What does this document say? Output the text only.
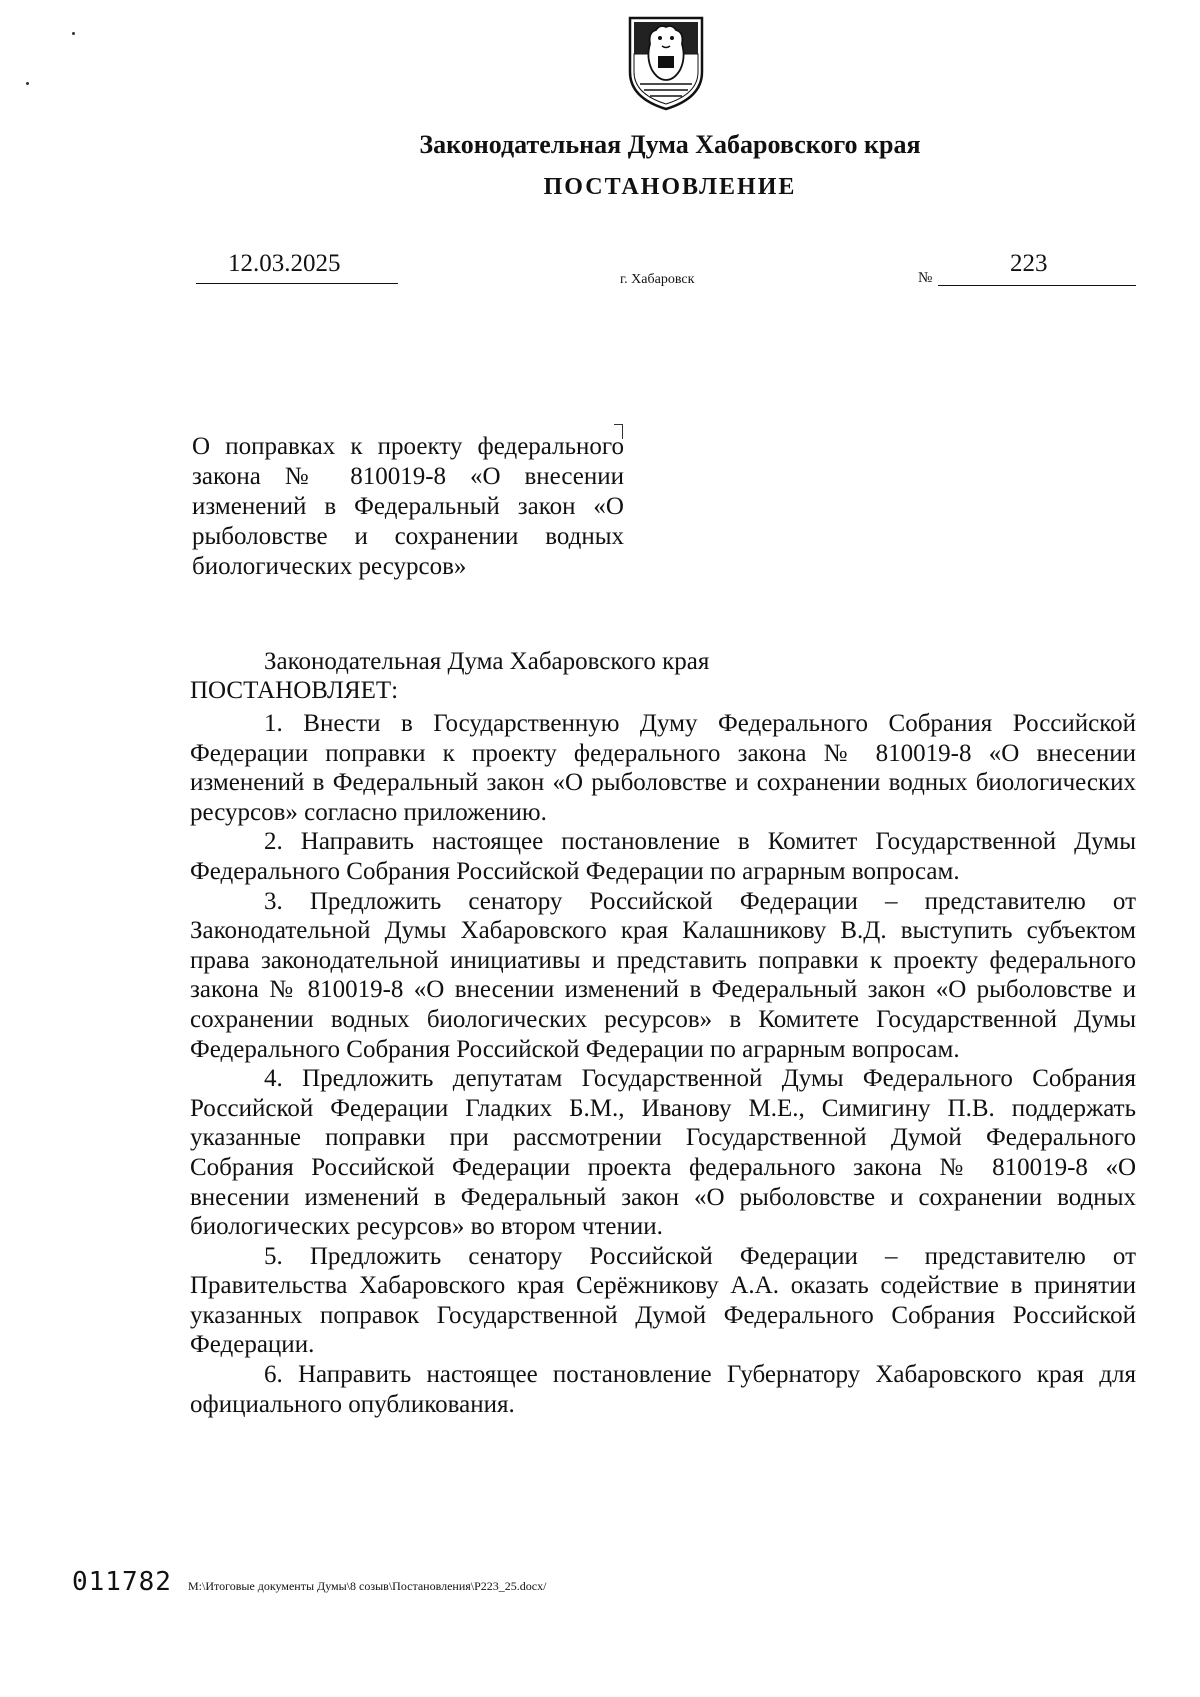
Законодательная Дума Хабаровского края
ПОСТАНОВЛЕНИЕ
12.03.2025
г. Хабаровск	№
223
О поправках к проекту федерального закона № 810019-8 «О внесении изменений в Федеральный закон «О рыболовстве и сохранении водных биологических ресурсов»
Законодательная Дума Хабаровского края
ПОСТАНОВЛЯЕТ:

1. Внести в Государственную Думу Федерального Собрания Российской Федерации поправки к проекту федерального закона № 810019-8 «О внесении изменений в Федеральный закон «О рыболовстве и сохранении водных биологических ресурсов» согласно приложению.

2. Направить настоящее постановление в Комитет Государственной Думы Федерального Собрания Российской Федерации по аграрным вопросам.

3. Предложить сенатору Российской Федерации – представителю от Законодательной Думы Хабаровского края Калашникову В.Д. выступить субъектом права законодательной инициативы и представить поправки к проекту федерального закона № 810019-8 «О внесении изменений в Федеральный закон «О рыболовстве и сохранении водных биологических ресурсов» в Комитете Государственной Думы Федерального Собрания Российской Федерации по аграрным вопросам.

4. Предложить депутатам Государственной Думы Федерального Собрания Российской Федерации Гладких Б.М., Иванову М.Е., Симигину П.В. поддержать указанные поправки при рассмотрении Государственной Думой Федерального Собрания Российской Федерации проекта федерального закона № 810019-8 «О внесении изменений в Федеральный закон «О рыболовстве и сохранении водных биологических ресурсов» во втором чтении.

5. Предложить сенатору Российской Федерации – представителю от Правительства Хабаровского края Серёжникову А.А. оказать содействие в принятии указанных поправок Государственной Думой Федерального Собрания Российской Федерации.

6. Направить настоящее постановление Губернатору Хабаровского края для официального опубликования.

011782 M:\Итоговые документы Думы\8 созыв\Постановления\P223_25.docx/
